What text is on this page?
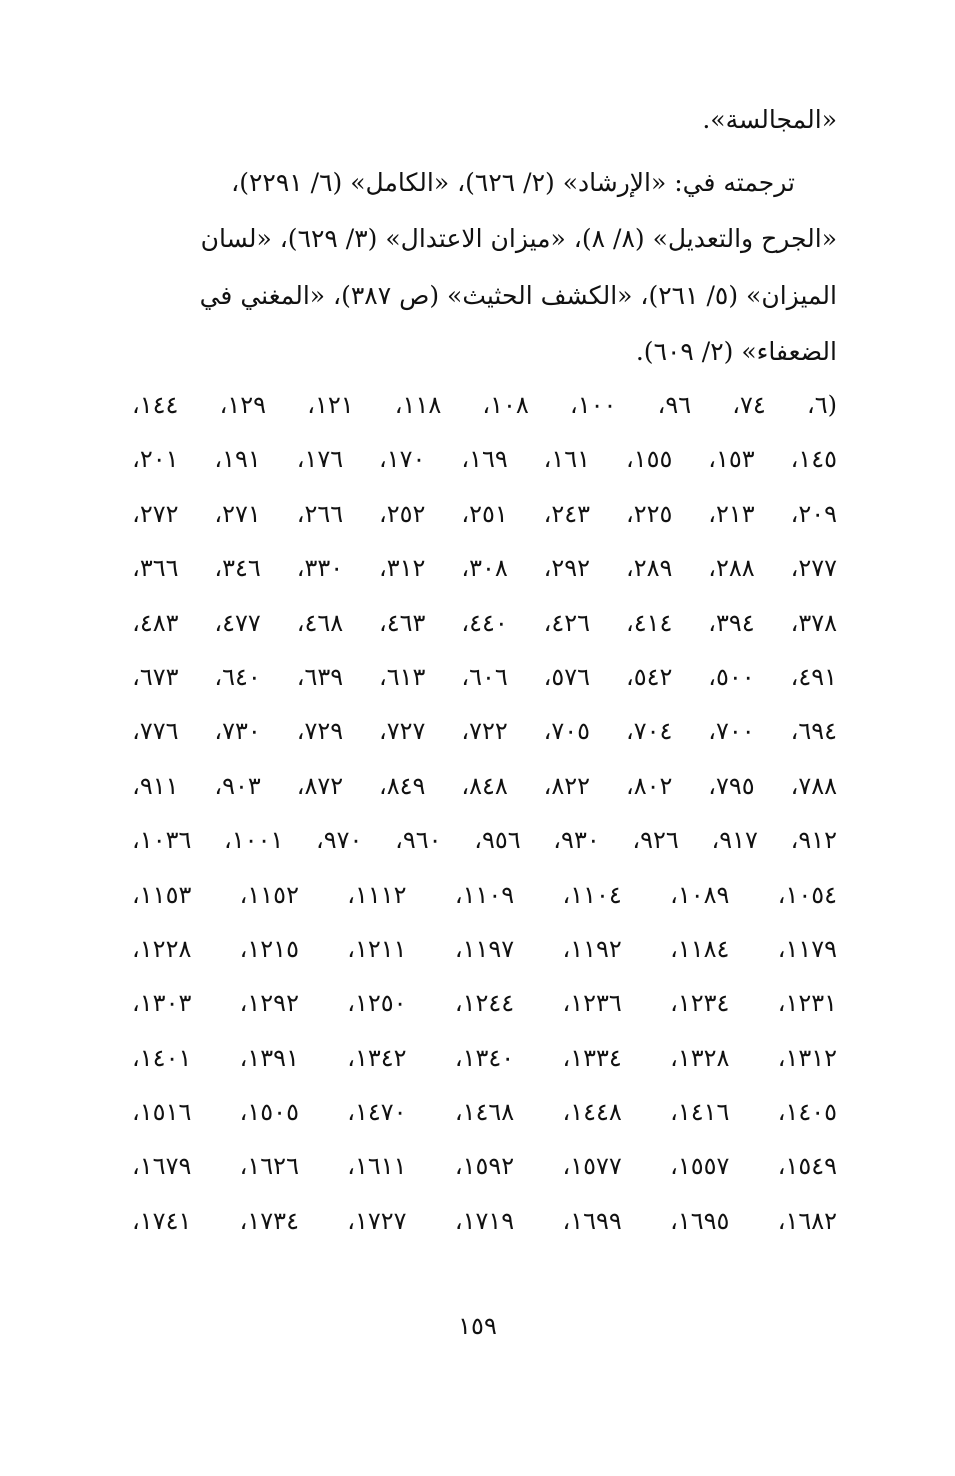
«المجالسة».
ترجمته في: «الإرشاد» (٢/ ٦٢٦)، «الكامل» (٦/ ٢٢٩١)،
«الجرح والتعديل» (٨/ ٨)، «ميزان الاعتدال» (٣/ ٦٢٩)، «لسان
الميزان» (٥/ ٢٦١)، «الكشف الحثيث» (ص ٣٨٧)، «المغني في
الضعفاء» (٢/ ٦٠٩).
(٦،
٧٤،
٩٦،
١٠٠،
١٠٨،
١١٨،
١٢١،
١٢٩،
١٤٤،
١٤٥،
١٥٣،
١٥٥،
١٦١،
١٦٩،
١٧٠،
١٧٦،
١٩١،
٢٠١،
٢٠٩،
٢١٣،
٢٢٥،
٢٤٣،
٢٥١،
٢٥٢،
٢٦٦،
٢٧١،
٢٧٢،
٢٧٧،
٢٨٨،
٢٨٩،
٢٩٢،
٣٠٨،
٣١٢،
٣٣٠،
٣٤٦،
٣٦٦،
٣٧٨،
٣٩٤،
٤١٤،
٤٢٦،
٤٤٠،
٤٦٣،
٤٦٨،
٤٧٧،
٤٨٣،
٤٩١،
٥٠٠،
٥٤٢،
٥٧٦،
٦٠٦،
٦١٣،
٦٣٩،
٦٤٠،
٦٧٣،
٦٩٤،
٧٠٠،
٧٠٤،
٧٠٥،
٧٢٢،
٧٢٧،
٧٢٩،
٧٣٠،
٧٧٦،
٧٨٨،
٧٩٥،
٨٠٢،
٨٢٢،
٨٤٨،
٨٤٩،
٨٧٢،
٩٠٣،
٩١١،
٩١٢،
٩١٧،
٩٢٦،
٩٣٠،
٩٥٦،
٩٦٠،
٩٧٠،
١٠٠١،
١٠٣٦،
١٠٥٤،
١٠٨٩،
١١٠٤،
١١٠٩،
١١١٢،
١١٥٢،
١١٥٣،
١١٧٩،
١١٨٤،
١١٩٢،
١١٩٧،
١٢١١،
١٢١٥،
١٢٢٨،
١٢٣١،
١٢٣٤،
١٢٣٦،
١٢٤٤،
١٢٥٠،
١٢٩٢،
١٣٠٣،
١٣١٢،
١٣٢٨،
١٣٣٤،
١٣٤٠،
١٣٤٢،
١٣٩١،
١٤٠١،
١٤٠٥،
١٤١٦،
١٤٤٨،
١٤٦٨،
١٤٧٠،
١٥٠٥،
١٥١٦،
١٥٤٩،
١٥٥٧،
١٥٧٧،
١٥٩٢،
١٦١١،
١٦٢٦،
١٦٧٩،
١٦٨٢،
١٦٩٥،
١٦٩٩،
١٧١٩،
١٧٢٧،
١٧٣٤،
١٧٤١،
١٥٩
